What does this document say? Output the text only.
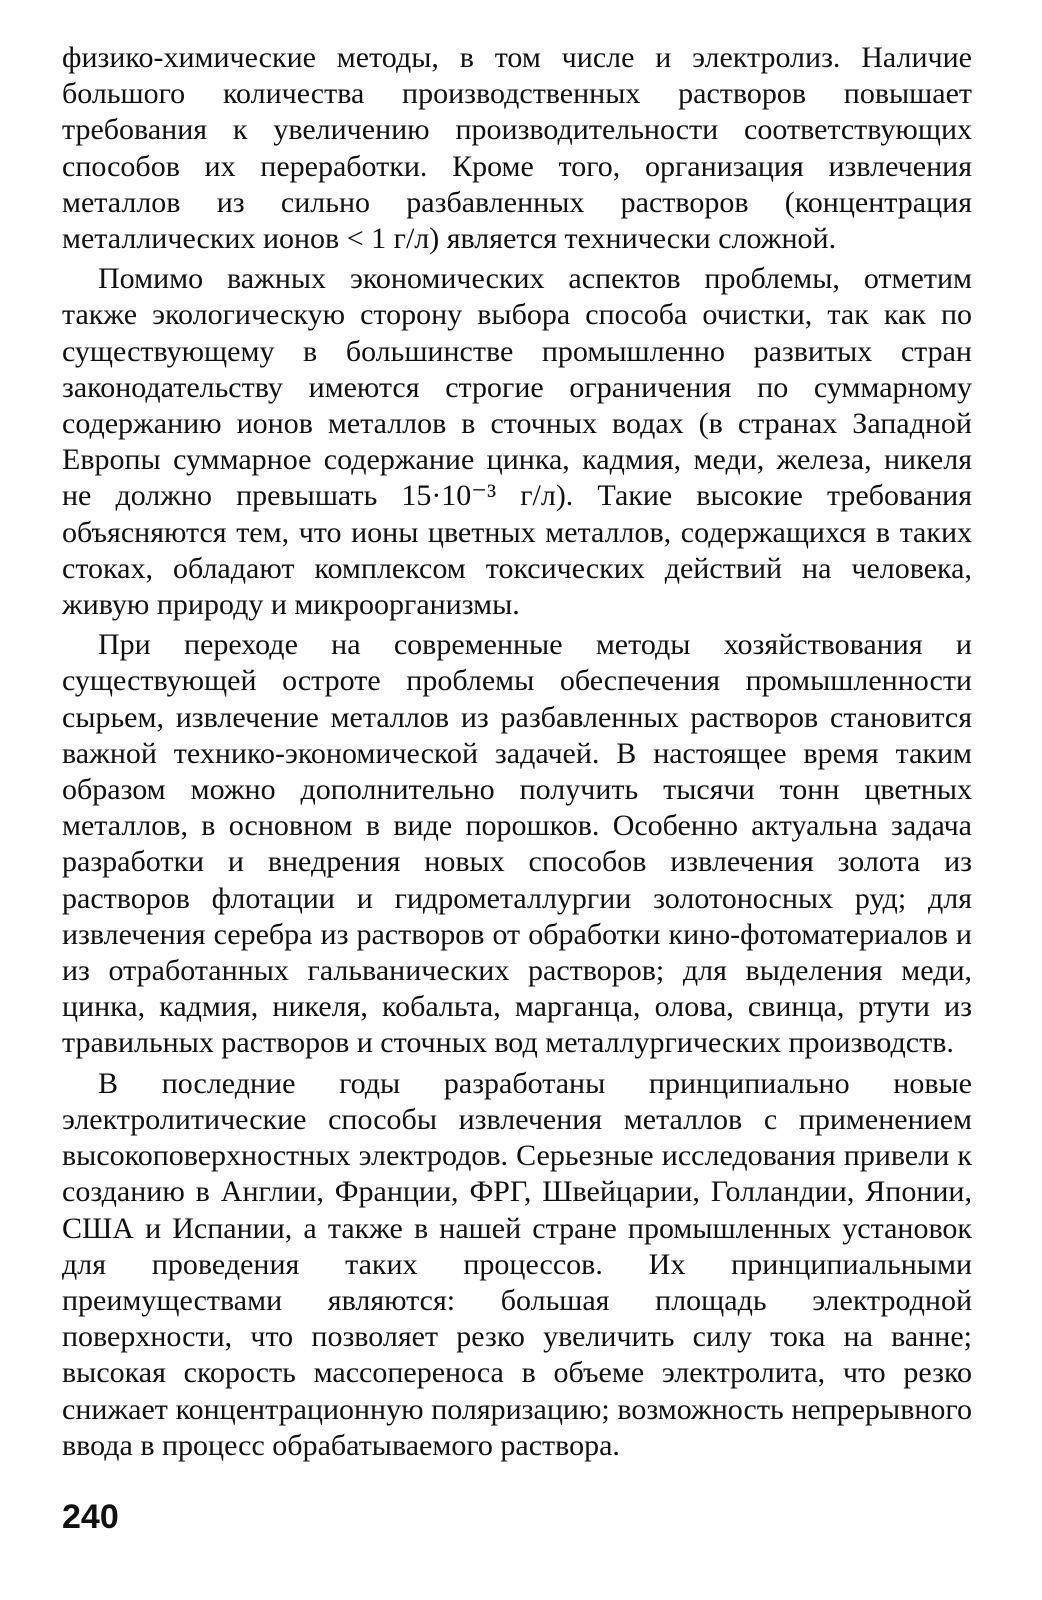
физико-химические методы, в том числе и электролиз. Наличие большого количества производственных растворов повышает требования к увеличению производительности соответствующих способов их переработки. Кроме того, организация извлечения металлов из сильно разбавленных растворов (концентрация металлических ионов < 1 г/л) является технически сложной.

Помимо важных экономических аспектов проблемы, отметим также экологическую сторону выбора способа очистки, так как по существующему в большинстве промышленно развитых стран законодательству имеются строгие ограничения по суммарному содержанию ионов металлов в сточных водах (в странах Западной Европы суммарное содержание цинка, кадмия, меди, железа, никеля не должно превышать 15·10⁻³ г/л). Такие высокие требования объясняются тем, что ионы цветных металлов, содержащихся в таких стоках, обладают комплексом токсических действий на человека, живую природу и микроорганизмы.

При переходе на современные методы хозяйствования и существующей остроте проблемы обеспечения промышленности сырьем, извлечение металлов из разбавленных растворов становится важной технико-экономической задачей. В настоящее время таким образом можно дополнительно получить тысячи тонн цветных металлов, в основном в виде порошков. Особенно актуальна задача разработки и внедрения новых способов извлечения золота из растворов флотации и гидрометаллургии золотоносных руд; для извлечения серебра из растворов от обработки кино-фотоматериалов и из отработанных гальванических растворов; для выделения меди, цинка, кадмия, никеля, кобальта, марганца, олова, свинца, ртути из травильных растворов и сточных вод металлургических производств.

В последние годы разработаны принципиально новые электролитические способы извлечения металлов с применением высокоповерхностных электродов. Серьезные исследования привели к созданию в Англии, Франции, ФРГ, Швейцарии, Голландии, Японии, США и Испании, а также в нашей стране промышленных установок для проведения таких процессов. Их принципиальными преимуществами являются: большая площадь электродной поверхности, что позволяет резко увеличить силу тока на ванне; высокая скорость массопереноса в объеме электролита, что резко снижает концентрационную поляризацию; возможность непрерывного ввода в процесс обрабатываемого раствора.

240
